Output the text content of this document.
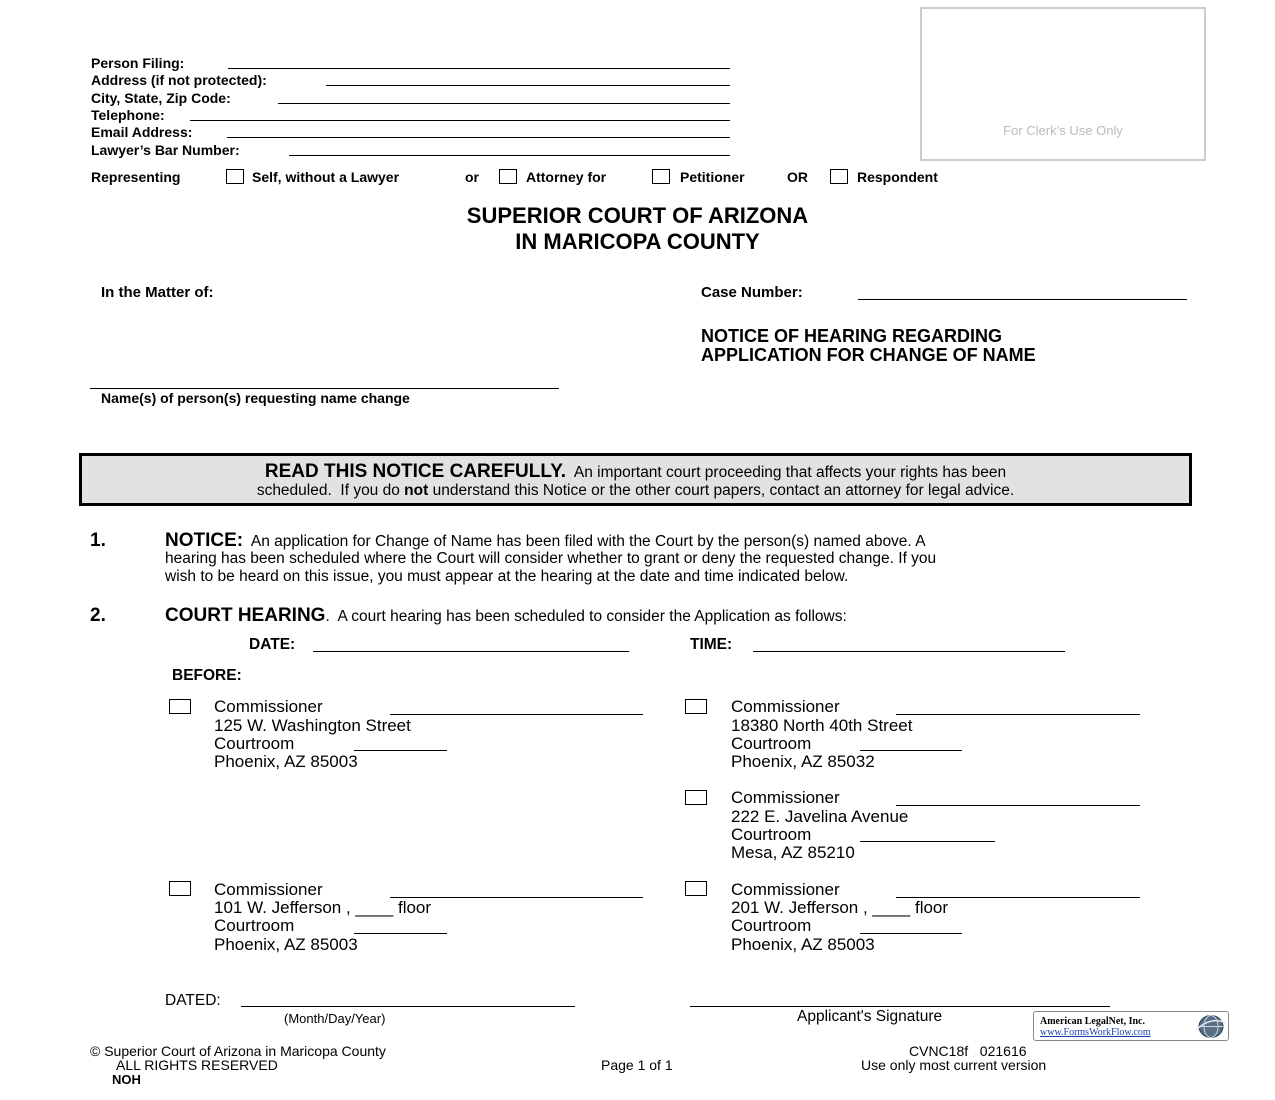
For Clerk’s Use Only
Person Filing:
Address (if not protected):
City, State, Zip Code:
Telephone:
Email Address:
Lawyer’s Bar Number:
Representing	Self, without a Lawyer	or	Attorney for	Petitioner	OR	Respondent
SUPERIOR COURT OF ARIZONA
IN MARICOPA COUNTY
In the Matter of:	Case Number:
NOTICE OF HEARING REGARDING
APPLICATION FOR CHANGE OF NAME
Name(s) of person(s) requesting name change
READ THIS NOTICE CAREFULLY. An important court proceeding that affects your rights has been
scheduled.  If you do not understand this Notice or the other court papers, contact an attorney for legal advice.
1.	NOTICE: An application for Change of Name has been filed with the Court by the person(s) named above. A
hearing has been scheduled where the Court will consider whether to grant or deny the requested change. If you
wish to be heard on this issue, you must appear at the hearing at the date and time indicated below.
2.	COURT HEARING.  A court hearing has been scheduled to consider the Application as follows:
DATE:	TIME:
BEFORE:
Commissioner
125 W. Washington Street
Courtroom
Phoenix, AZ 85003
Commissioner
18380 North 40th Street
Courtroom
Phoenix, AZ 85032
Commissioner
222 E. Javelina Avenue
Courtroom
Mesa, AZ 85210
Commissioner
101 W. Jefferson , ____ floor
Courtroom
Phoenix, AZ 85003
Commissioner
201 W. Jefferson , ____ floor
Courtroom
Phoenix, AZ 85003
DATED:
(Month/Day/Year)	Applicant's Signature	American LegalNet, Inc.
www.FormsWorkFlow.com
© Superior Court of Arizona in Maricopa County
ALL RIGHTS RESERVED
NOH
Page 1 of 1
CVNC18f   021616
Use only most current version
